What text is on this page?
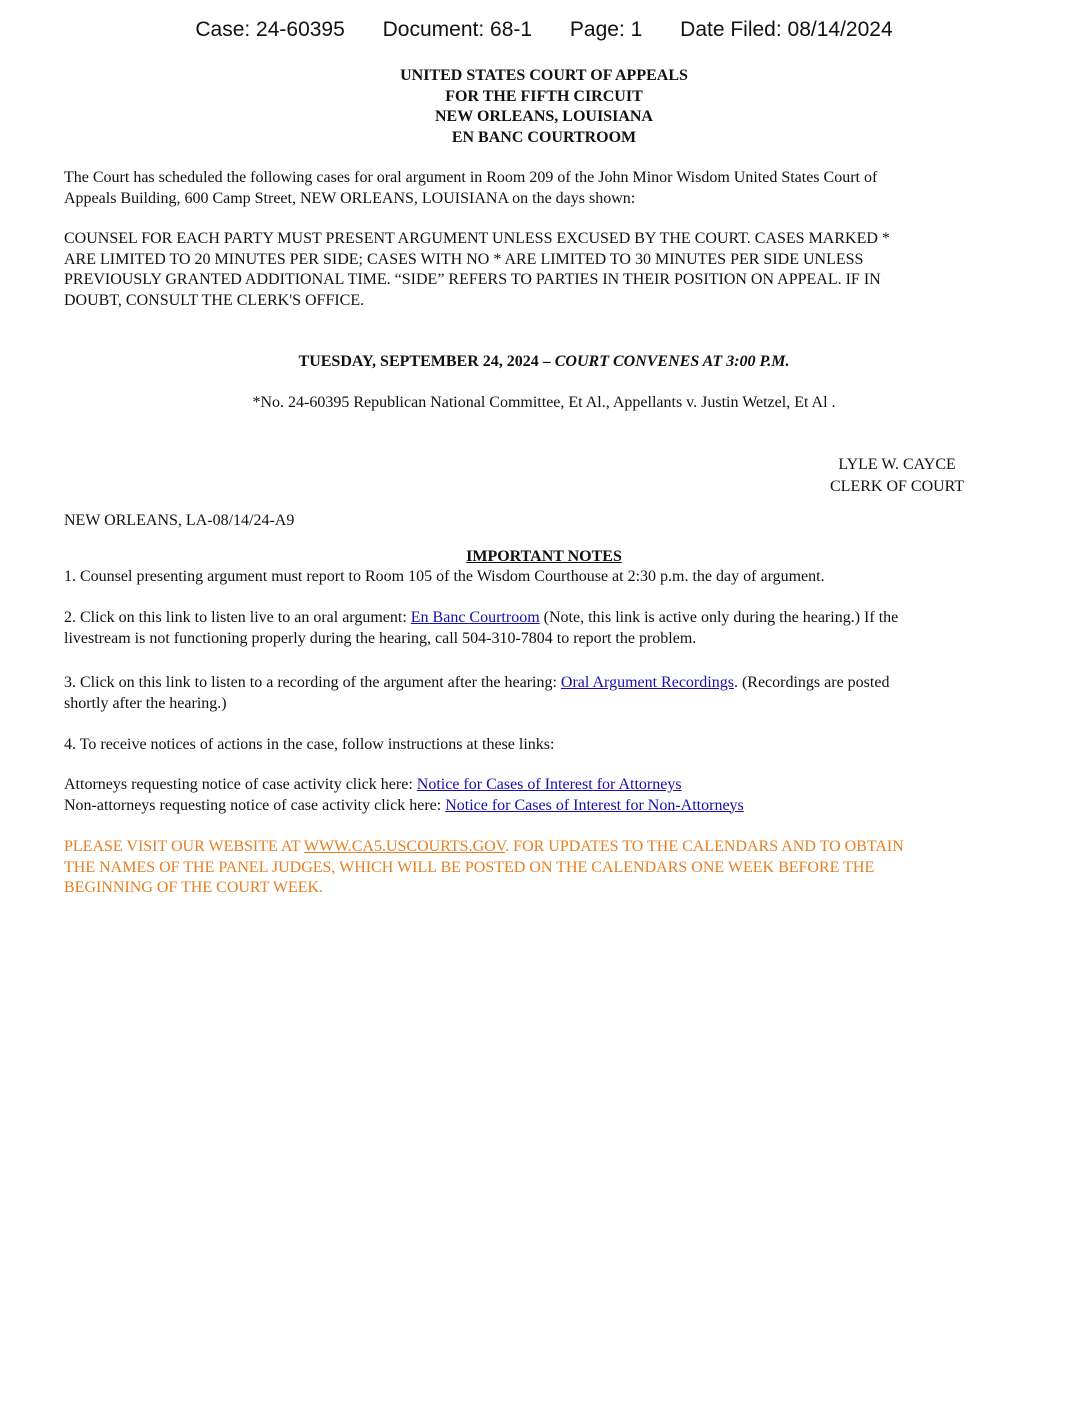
Case: 24-60395 Document: 68-1 Page: 1 Date Filed: 08/14/2024
UNITED STATES COURT OF APPEALS
FOR THE FIFTH CIRCUIT
NEW ORLEANS, LOUISIANA
EN BANC COURTROOM
The Court has scheduled the following cases for oral argument in Room 209 of the John Minor Wisdom United States Court of
Appeals Building, 600 Camp Street, NEW ORLEANS, LOUISIANA on the days shown:
COUNSEL FOR EACH PARTY MUST PRESENT ARGUMENT UNLESS EXCUSED BY THE COURT. CASES MARKED *
ARE LIMITED TO 20 MINUTES PER SIDE; CASES WITH NO * ARE LIMITED TO 30 MINUTES PER SIDE UNLESS
PREVIOUSLY GRANTED ADDITIONAL TIME. “SIDE” REFERS TO PARTIES IN THEIR POSITION ON APPEAL. IF IN
DOUBT, CONSULT THE CLERK'S OFFICE.
TUESDAY, SEPTEMBER 24, 2024 – COURT CONVENES AT 3:00 P.M.
*No. 24-60395 Republican National Committee, Et Al., Appellants v. Justin Wetzel, Et Al .
LYLE W. CAYCE
CLERK OF COURT
NEW ORLEANS, LA-08/14/24-A9
IMPORTANT NOTES
1. Counsel presenting argument must report to Room 105 of the Wisdom Courthouse at 2:30 p.m. the day of argument.
2. Click on this link to listen live to an oral argument: En Banc Courtroom (Note, this link is active only during the hearing.) If the
livestream is not functioning properly during the hearing, call 504-310-7804 to report the problem.
3. Click on this link to listen to a recording of the argument after the hearing: Oral Argument Recordings. (Recordings are posted
shortly after the hearing.)
4. To receive notices of actions in the case, follow instructions at these links:
Attorneys requesting notice of case activity click here: Notice for Cases of Interest for Attorneys
Non-attorneys requesting notice of case activity click here: Notice for Cases of Interest for Non-Attorneys
PLEASE VISIT OUR WEBSITE AT WWW.CA5.USCOURTS.GOV. FOR UPDATES TO THE CALENDARS AND TO OBTAIN
THE NAMES OF THE PANEL JUDGES, WHICH WILL BE POSTED ON THE CALENDARS ONE WEEK BEFORE THE
BEGINNING OF THE COURT WEEK.
